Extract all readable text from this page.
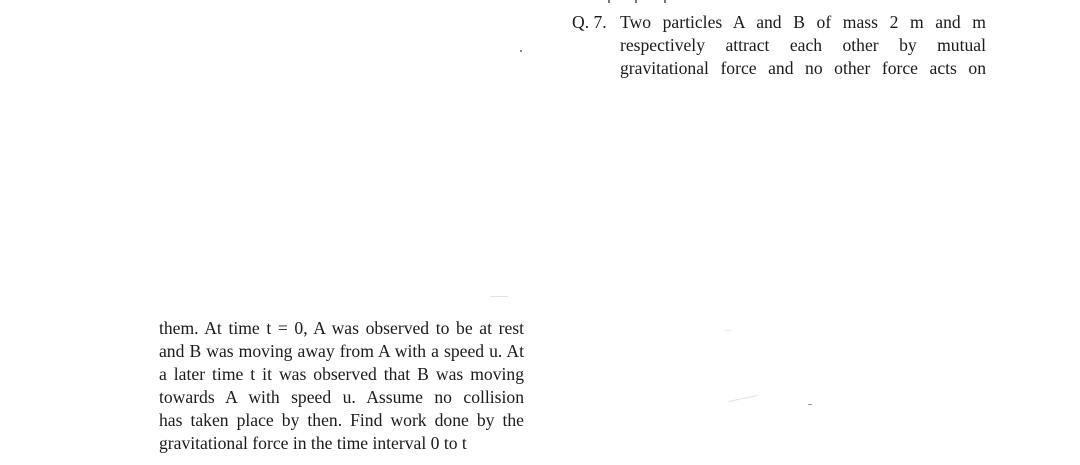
Q. 7. Two particles A and B of mass 2 m and m
respectively attract each other by mutual
gravitational force and no other force acts on
them. At time t = 0, A was observed to be at rest
and B was moving away from A with a speed u. At
a later time t it was observed that B was moving
towards A with speed u. Assume no collision
has taken place by then. Find work done by the
gravitational force in the time interval 0 to t
